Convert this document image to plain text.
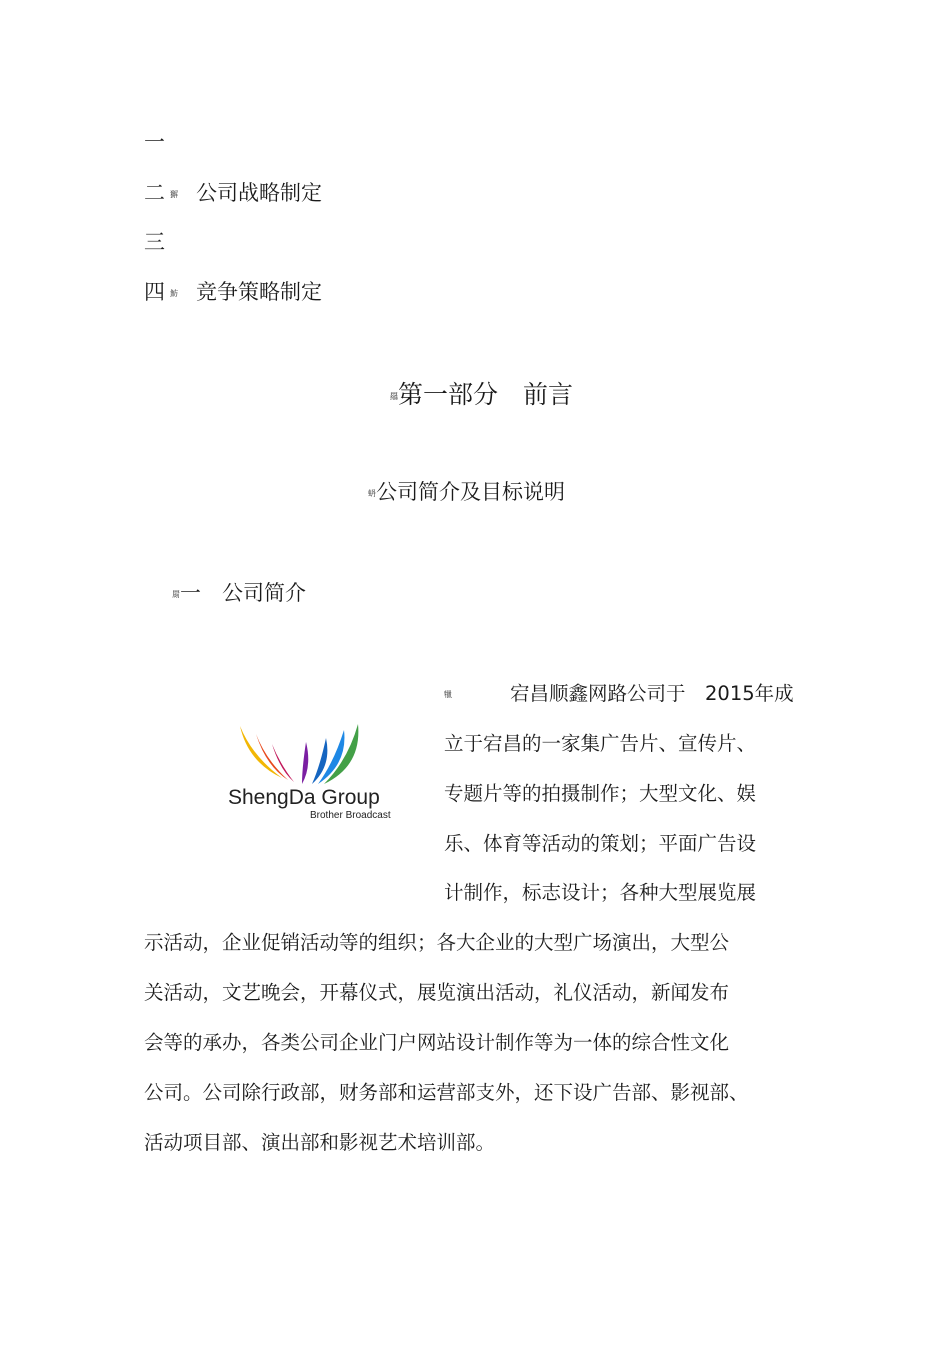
一
二 獬 公司战略制定
三
四 魴 竞争策略制定
羉第一部分　前言
蚒公司简介及目标说明
罽一　公司简介
ShengDa Group
Brother Broadcast
犣	宕昌顺鑫网路公司于　2015年成
立于宕昌的一家集广告片、宣传片、
专题片等的拍摄制作；大型文化、娱
乐、体育等活动的策划；平面广告设
计制作，标志设计；各种大型展览展
示活动，企业促销活动等的组织；各大企业的大型广场演出，大型公
关活动，文艺晚会，开幕仪式，展览演出活动，礼仪活动，新闻发布
会等的承办，各类公司企业门户网站设计制作等为一体的综合性文化
公司。公司除行政部，财务部和运营部支外，还下设广告部、影视部、
活动项目部、演出部和影视艺术培训部。
